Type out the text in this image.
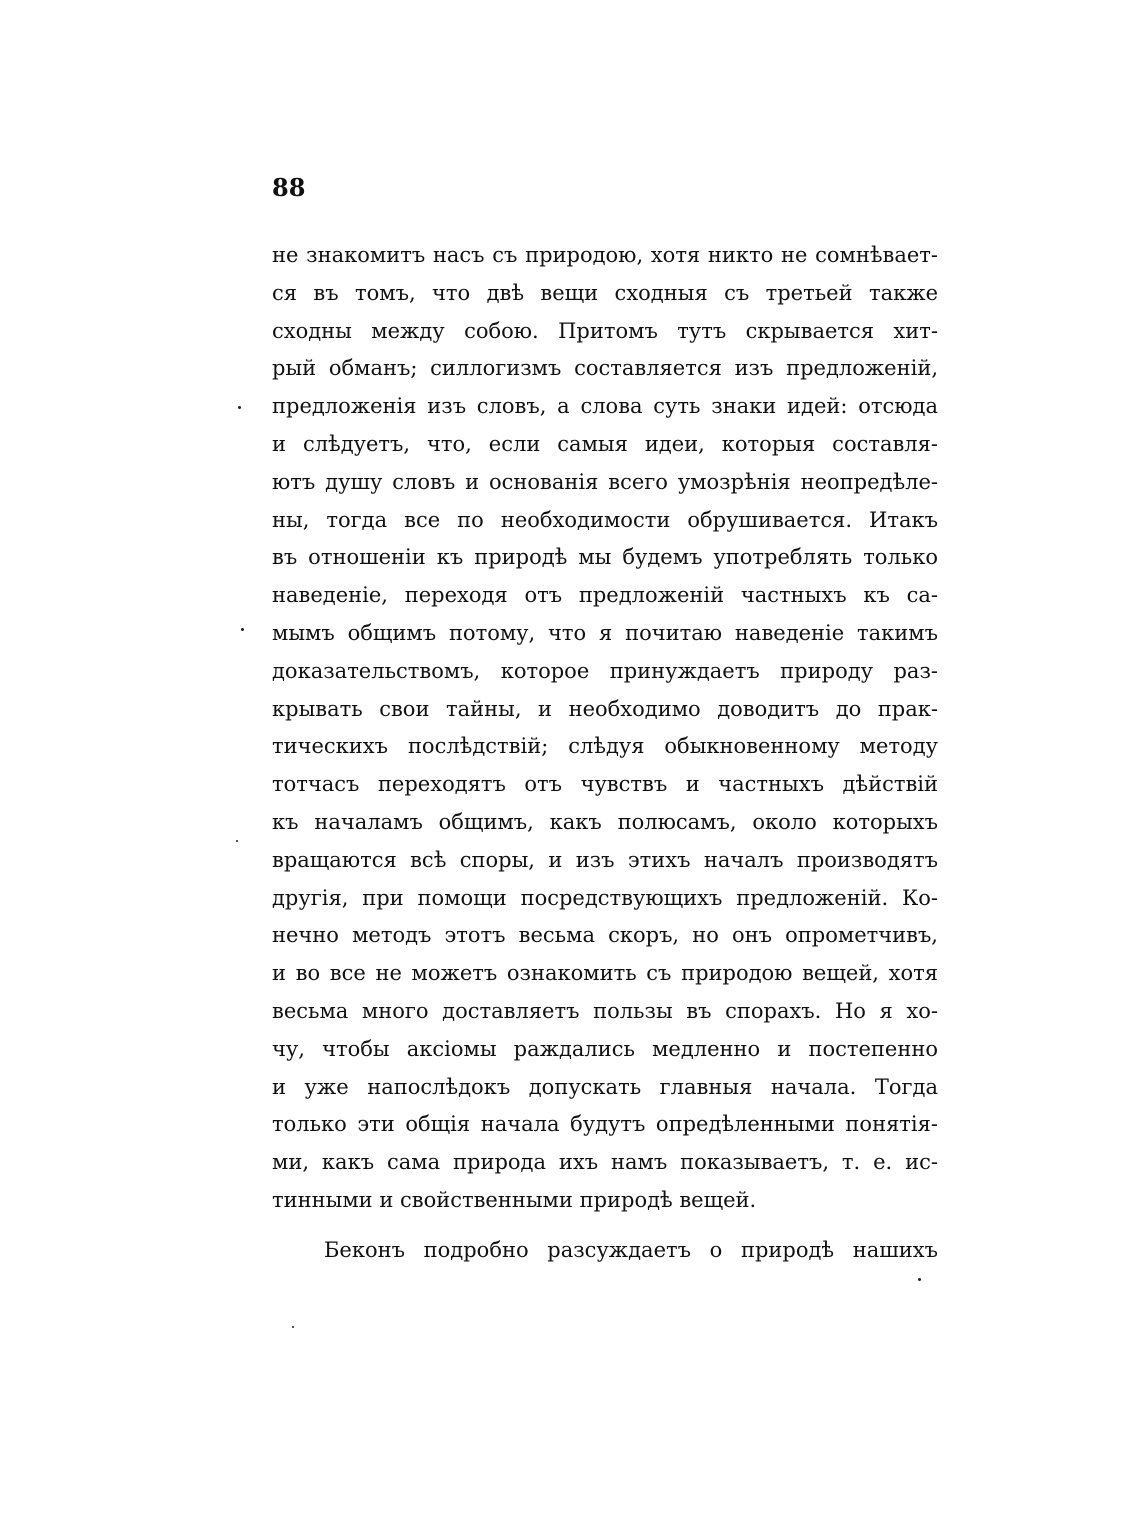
88
не знакомитъ насъ съ природою, хотя никто не сомнѣвает-
ся въ томъ, что двѣ вещи сходныя съ третьей также
сходны между собою. Притомъ тутъ скрывается хит-
рый обманъ; силлогизмъ составляется изъ предложенiй,
предложенiя изъ словъ, а слова суть знаки идей: отсюда
и слѣдуетъ, что, если самыя идеи, которыя составля-
ютъ душу словъ и основанiя всего умозрѣнiя неопредѣле-
ны, тогда все по необходимости обрушивается. Итакъ
въ отношенiи къ природѣ мы будемъ употреблять только
наведенiе, переходя отъ предложенiй частныхъ къ са-
мымъ общимъ потому, что я почитаю наведенiе такимъ
доказательствомъ, которое принуждаетъ природу раз-
крывать свои тайны, и необходимо доводитъ до прак-
тическихъ послѣдствiй; слѣдуя обыкновенному методу
тотчасъ переходятъ отъ чувствъ и частныхъ дѣйствiй
къ началамъ общимъ, какъ полюсамъ, около которыхъ
вращаются всѣ споры, и изъ этихъ началъ производятъ
другiя, при помощи посредствующихъ предложенiй. Ко-
нечно методъ этотъ весьма скоръ, но онъ опрометчивъ,
и во все не можетъ ознакомить съ природою вещей, хотя
весьма много доставляетъ пользы въ спорахъ. Но я хо-
чу, чтобы аксiомы раждались медленно и постепенно
и уже напослѣдокъ допускать главныя начала. Тогда
только эти общiя начала будутъ опредѣленными понятiя-
ми, какъ сама природа ихъ намъ показываетъ, т. е. ис-
тинными и свойственными природѣ вещей.
Беконъ подробно разсуждаетъ о природѣ нашихъ
